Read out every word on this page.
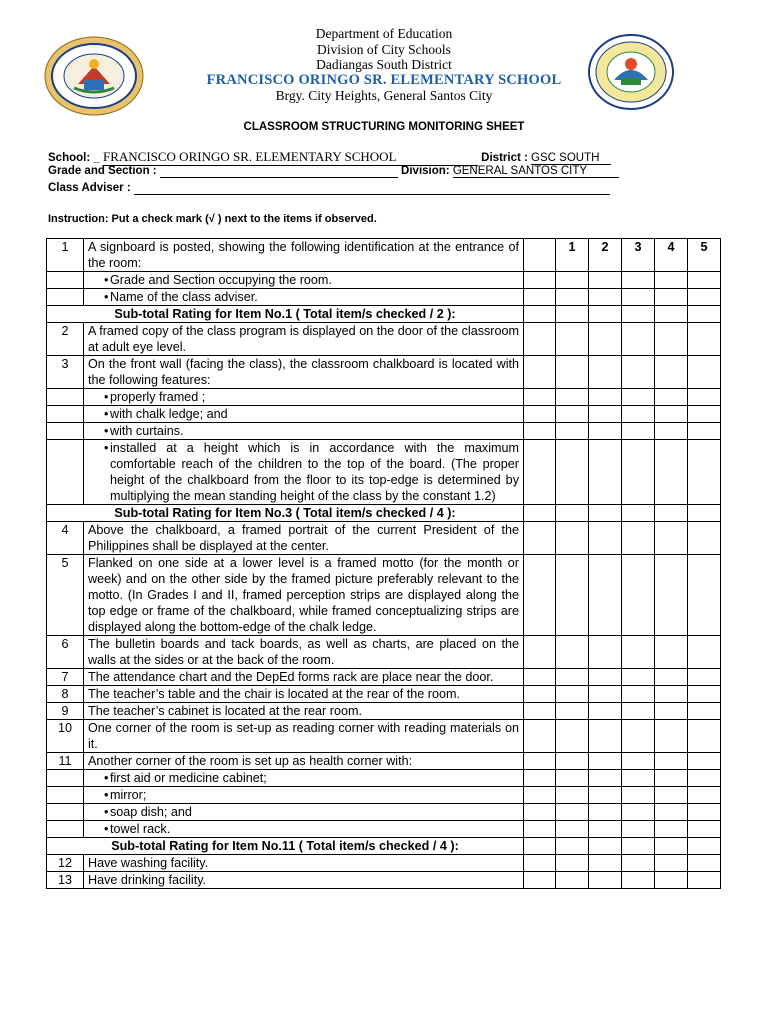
Department of Education
Division of City Schools
Dadiangas South District
FRANCISCO ORINGO SR. ELEMENTARY SCHOOL
Brgy. City Heights, General Santos City
CLASSROOM STRUCTURING MONITORING SHEET
School: _ FRANCISCO ORINGO SR. ELEMENTARY SCHOOL	District : GSC SOUTH
Grade and Section :	Division: GENERAL SANTOS CITY
Class Adviser :
Instruction: Put a check mark (√ ) next to the items if observed.
1	A signboard is posted, showing the following identification at the entrance of the room:		1	2	3	4	5

	• Grade and Section occupying the room.						

	• Name of the class adviser.						

Sub-total Rating for Item No.1 ( Total item/s checked / 2 ):							
2	A framed copy of the class program is displayed on the door of the classroom at adult eye level.						
3	On the front wall (facing the class), the classroom chalkboard is located with the following features:						

	• properly framed ;						

	• with chalk ledge; and						

	• with curtains.						

	• installed at a height which is in accordance with the maximum comfortable reach of the children to the top of the board. (The proper height of the chalkboard from the floor to its top-edge is determined by multiplying the mean standing height of the class by the constant 1.2)						

Sub-total Rating for Item No.3 ( Total item/s checked / 4 ):							
4	Above the chalkboard, a framed portrait of the current President of the Philippines shall be displayed at the center.						
5	Flanked on one side at a lower level is a framed motto (for the month or week) and on the other side by the framed picture preferably relevant to the motto. (In Grades I and II, framed perception strips are displayed along the top edge or frame of the chalkboard, while framed conceptualizing strips are displayed along the bottom-edge of the chalk ledge.						
6	The bulletin boards and tack boards, as well as charts, are placed on the walls at the sides or at the back of the room.						
7	The attendance chart and the DepEd forms rack are place near the door.						
8	The teacher’s table and the chair is located at the rear of the room.						
9	The teacher’s cabinet is located at the rear room.						
10	One corner of the room is set-up as reading corner with reading materials on it.						
11	Another corner of the room is set up as health corner with:						

	• first aid or medicine cabinet;						

	• mirror;						

	• soap dish; and						

	• towel rack.						

Sub-total Rating for Item No.11 ( Total item/s checked / 4 ):							
12	Have washing facility.						
13	Have drinking facility.						
